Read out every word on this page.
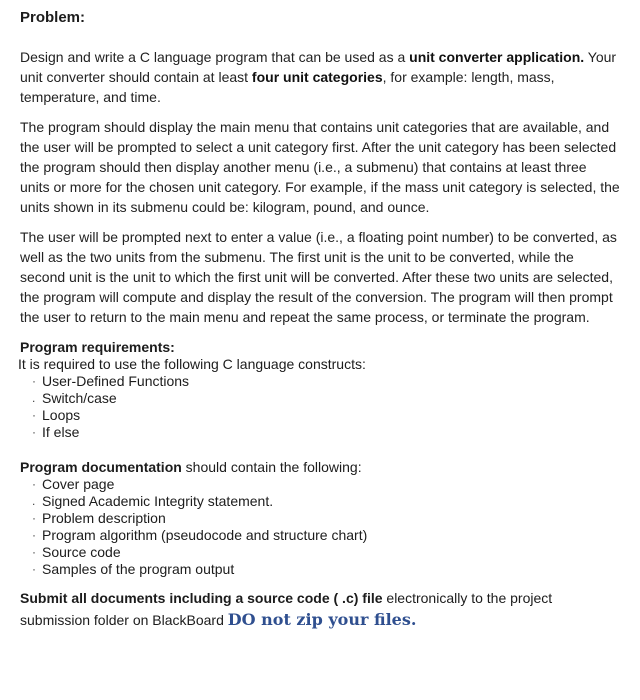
Problem:

Design and write a C language program that can be used as a unit converter application. Your unit converter should contain at least four unit categories, for example: length, mass, temperature, and time.

The program should display the main menu that contains unit categories that are available, and the user will be prompted to select a unit category first. After the unit category has been selected the program should then display another menu (i.e., a submenu) that contains at least three units or more for the chosen unit category. For example, if the mass unit category is selected, the units shown in its submenu could be: kilogram, pound, and ounce.

The user will be prompted next to enter a value (i.e., a floating point number) to be converted, as well as the two units from the submenu. The first unit is the unit to be converted, while the second unit is the unit to which the first unit will be converted. After these two units are selected, the program will compute and display the result of the conversion. The program will then prompt the user to return to the main menu and repeat the same process, or terminate the program.

Program requirements:
It is required to use the following C language constructs:
· User-Defined Functions
. Switch/case
· Loops
· If else
Program documentation should contain the following:
· Cover page
. Signed Academic Integrity statement.
· Problem description
· Program algorithm (pseudocode and structure chart)
· Source code
· Samples of the program output
Submit all documents including a source code ( .c) file electronically to the project submission folder on BlackBoard DO not zip your files.
